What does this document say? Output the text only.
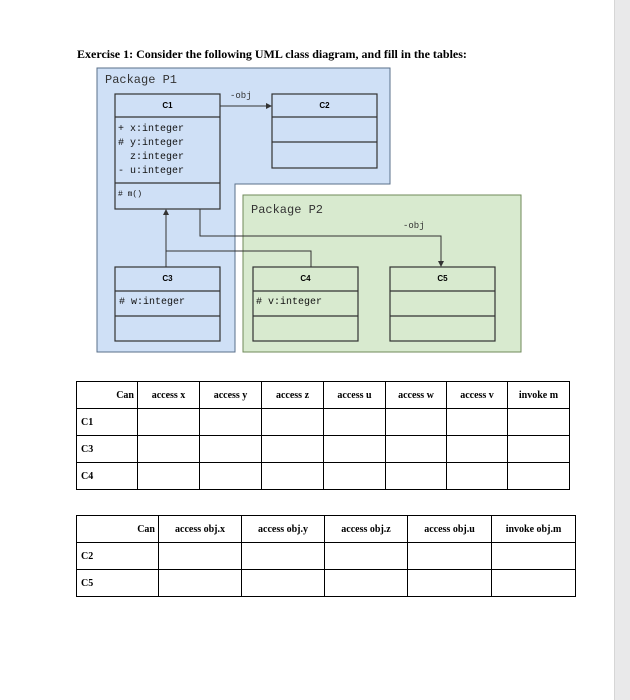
Exercise 1: Consider the following UML class diagram, and fill in the tables:
Package P1
Package P2
-obj
-obj
C1
+ x:integer
# y:integer
z:integer
- u:integer
# m()
C2
C3
# w:integer
C4
# v:integer
C5
Can	access x	access y	access z	access u	access w	access v	invoke m
C1							
C3							
C4							
Can	access obj.x	access obj.y	access obj.z	access obj.u	invoke obj.m
C2					
C5					
